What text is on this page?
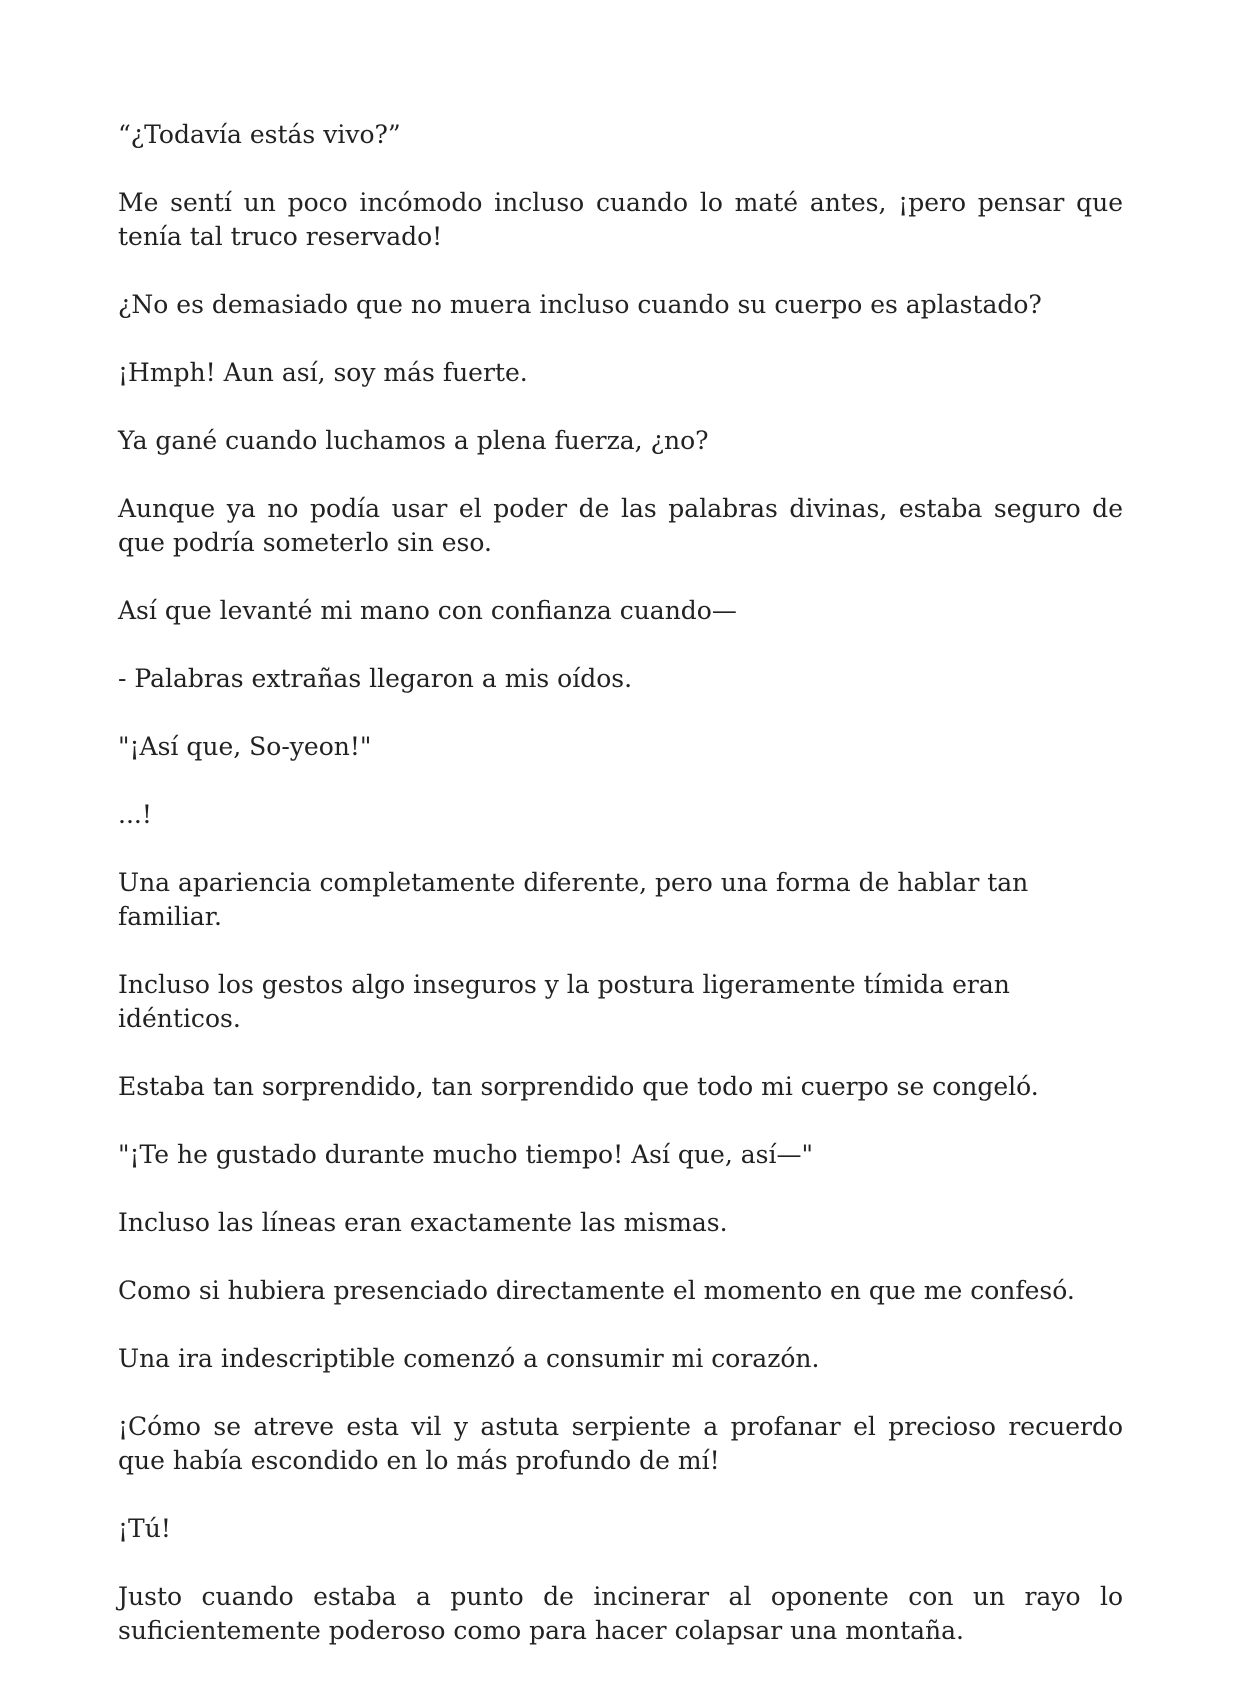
“¿Todavía estás vivo?”

Me sentí un poco incómodo incluso cuando lo maté antes, ¡pero pensar que tenía tal truco reservado!

¿No es demasiado que no muera incluso cuando su cuerpo es aplastado?

¡Hmph! Aun así, soy más fuerte.

Ya gané cuando luchamos a plena fuerza, ¿no?

Aunque ya no podía usar el poder de las palabras divinas, estaba seguro de que podría someterlo sin eso.

Así que levanté mi mano con confianza cuando—

- Palabras extrañas llegaron a mis oídos.

"¡Así que, So-yeon!"

...!

Una apariencia completamente diferente, pero una forma de hablar tan familiar.

Incluso los gestos algo inseguros y la postura ligeramente tímida eran idénticos.

Estaba tan sorprendido, tan sorprendido que todo mi cuerpo se congeló.

"¡Te he gustado durante mucho tiempo! Así que, así—"

Incluso las líneas eran exactamente las mismas.

Como si hubiera presenciado directamente el momento en que me confesó.

Una ira indescriptible comenzó a consumir mi corazón.

¡Cómo se atreve esta vil y astuta serpiente a profanar el precioso recuerdo que había escondido en lo más profundo de mí!

¡Tú!

Justo cuando estaba a punto de incinerar al oponente con un rayo lo suficientemente poderoso como para hacer colapsar una montaña.
